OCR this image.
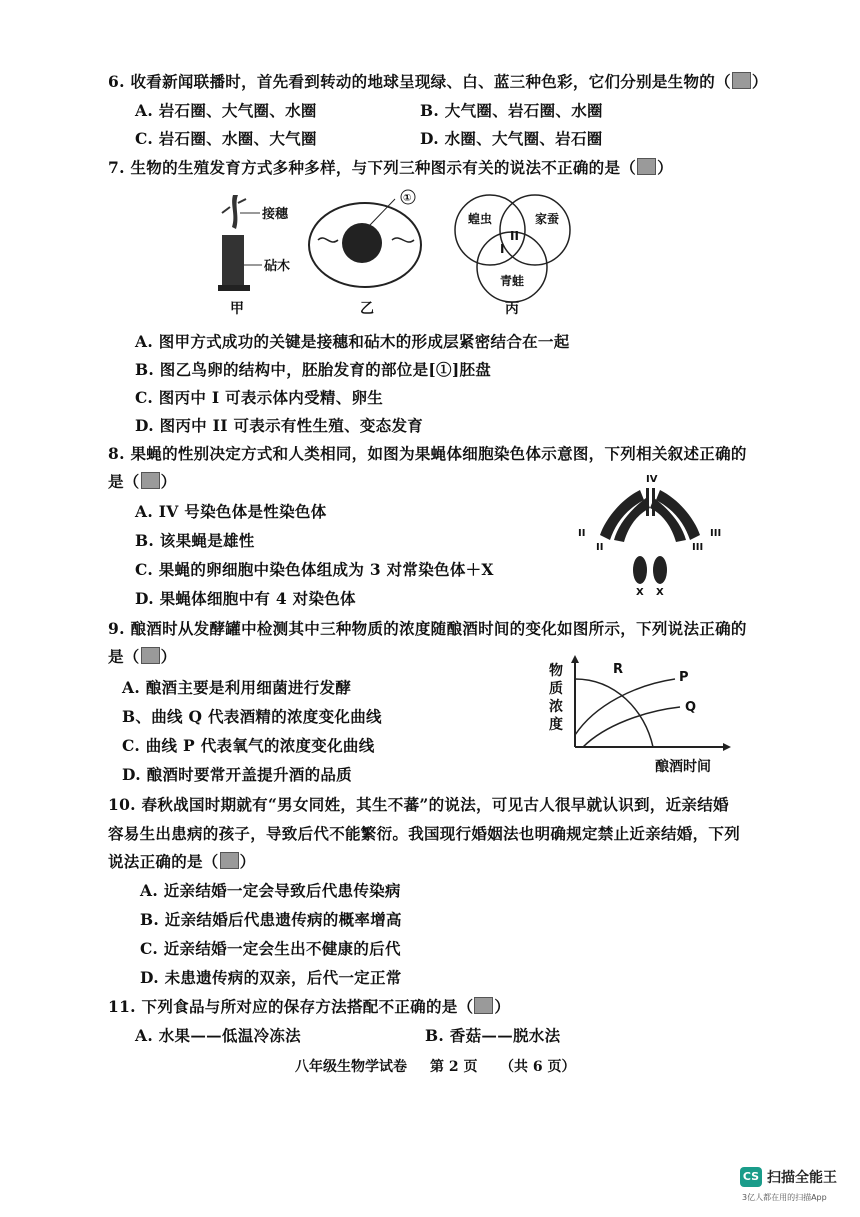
6. 收看新闻联播时，首先看到转动的地球呈现绿、白、蓝三种色彩，它们分别是生物的（ ）
A. 岩石圈、大气圈、水圈	B. 大气圈、岩石圈、水圈
C. 岩石圈、水圈、大气圈	D. 水圈、大气圈、岩石圈
7. 生物的生殖发育方式多种多样，与下列三种图示有关的说法不正确的是（ ）
接穗
砧木
甲
①
乙
蝗虫	家蚕
青蛙
I
II
丙
A. 图甲方式成功的关键是接穗和砧木的形成层紧密结合在一起
B. 图乙鸟卵的结构中，胚胎发育的部位是[①]胚盘
C. 图丙中 I 可表示体内受精、卵生
D. 图丙中 II 可表示有性生殖、变态发育
8. 果蝇的性别决定方式和人类相同，如图为果蝇体细胞染色体示意图，下列相关叙述正确的
是（ ）
A. IV 号染色体是性染色体
B. 该果蝇是雄性
C. 果蝇的卵细胞中染色体组成为 3 对常染色体＋X
D. 果蝇体细胞中有 4 对染色体
IV
II
II	III
III
X X
9. 酿酒时从发酵罐中检测其中三种物质的浓度随酿酒时间的变化如图所示，下列说法正确的
是（ ）
A. 酿酒主要是利用细菌进行发酵
B、曲线 Q 代表酒精的浓度变化曲线
C. 曲线 P 代表氧气的浓度变化曲线
D. 酿酒时要常开盖提升酒的品质
物
质
浓
度
R
P
Q
酿酒时间
10. 春秋战国时期就有“男女同姓，其生不蕃”的说法，可见古人很早就认识到，近亲结婚
容易生出患病的孩子，导致后代不能繁衍。我国现行婚姻法也明确规定禁止近亲结婚，下列
说法正确的是（ ）
A. 近亲结婚一定会导致后代患传染病
B. 近亲结婚后代患遗传病的概率增高
C. 近亲结婚一定会生出不健康的后代
D. 未患遗传病的双亲，后代一定正常
11. 下列食品与所对应的保存方法搭配不正确的是（ ）
A. 水果——低温冷冻法	B. 香菇——脱水法
八年级生物学试卷 第 2 页 （共 6 页）
CS 扫描全能王
3亿人都在用的扫描App
